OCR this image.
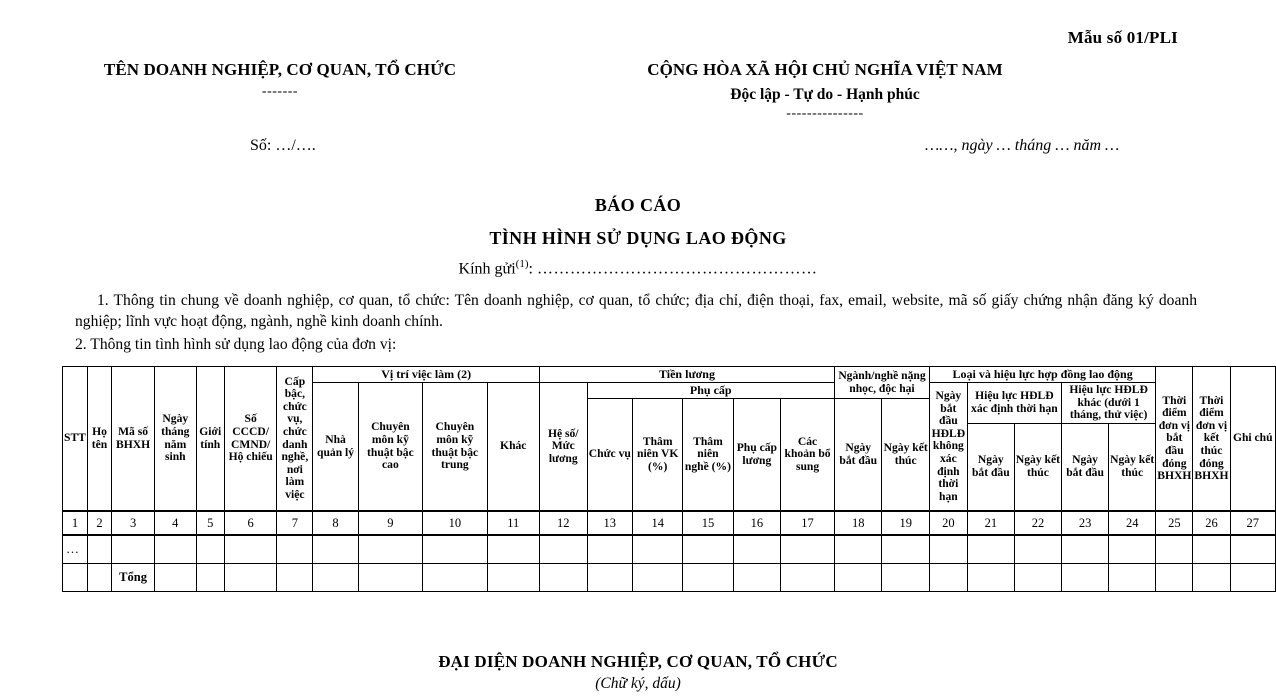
Mẫu số 01/PLI
TÊN DOANH NGHIỆP, CƠ QUAN, TỔ CHỨC
-------
CỘNG HÒA XÃ HỘI CHỦ NGHĨA VIỆT NAM
Độc lập - Tự do - Hạnh phúc
---------------
Số: …/….	……, ngày … tháng … năm …
BÁO CÁO
TÌNH HÌNH SỬ DỤNG LAO ĐỘNG
Kính gửi$^{(1)}$: ……………………………………………
1. Thông tin chung về doanh nghiệp, cơ quan, tổ chức: Tên doanh nghiệp, cơ quan, tổ chức; địa chỉ, điện thoại, fax, email, website, mã số giấy chứng nhận đăng ký doanh nghiệp; lĩnh vực hoạt động, ngành, nghề kinh doanh chính.
2. Thông tin tình hình sử dụng lao động của đơn vị:
STT	Họ tên	Mã số BHXH	Ngày tháng năm sinh	Giới tính	Số CCCD/ CMND/ Hộ chiếu	Cấp bậc, chức vụ, chức danh nghề, nơi làm việc	Vị trí việc làm (2)				Tiền lương						Ngành/nghề nặng nhọc, độc hại		Loại và hiệu lực hợp đồng lao động					Thời điểm đơn vị bắt đầu đóng BHXH	Thời điểm đơn vị kết thúc đóng BHXH	Ghi chú
							Nhà quản lý	Chuyên môn kỹ thuật bậc cao	Chuyên môn kỹ thuật bậc trung	Khác	Hệ số/ Mức lương	Phụ cấp							Ngày bắt đầu HĐLĐ không xác định thời hạn	Hiệu lực HĐLĐ xác định thời hạn		Hiệu lực HĐLĐ khác (dưới 1 tháng, thử việc)				
												Chức vụ	Thâm niên VK (%)	Thâm niên nghề (%)	Phụ cấp lương	Các khoản bổ sung	Ngày bắt đầu	Ngày kết thúc								
																				Ngày bắt đầu	Ngày kết thúc	Ngày bắt đầu	Ngày kết thúc			
1	2	3	4	5	6	7	8	9	10	11	12	13	14	15	16	17	18	19	20	21	22	23	24	25	26	27
…																										
		Tổng																								
ĐẠI DIỆN DOANH NGHIỆP, CƠ QUAN, TỔ CHỨC
(Chữ ký, dấu)
